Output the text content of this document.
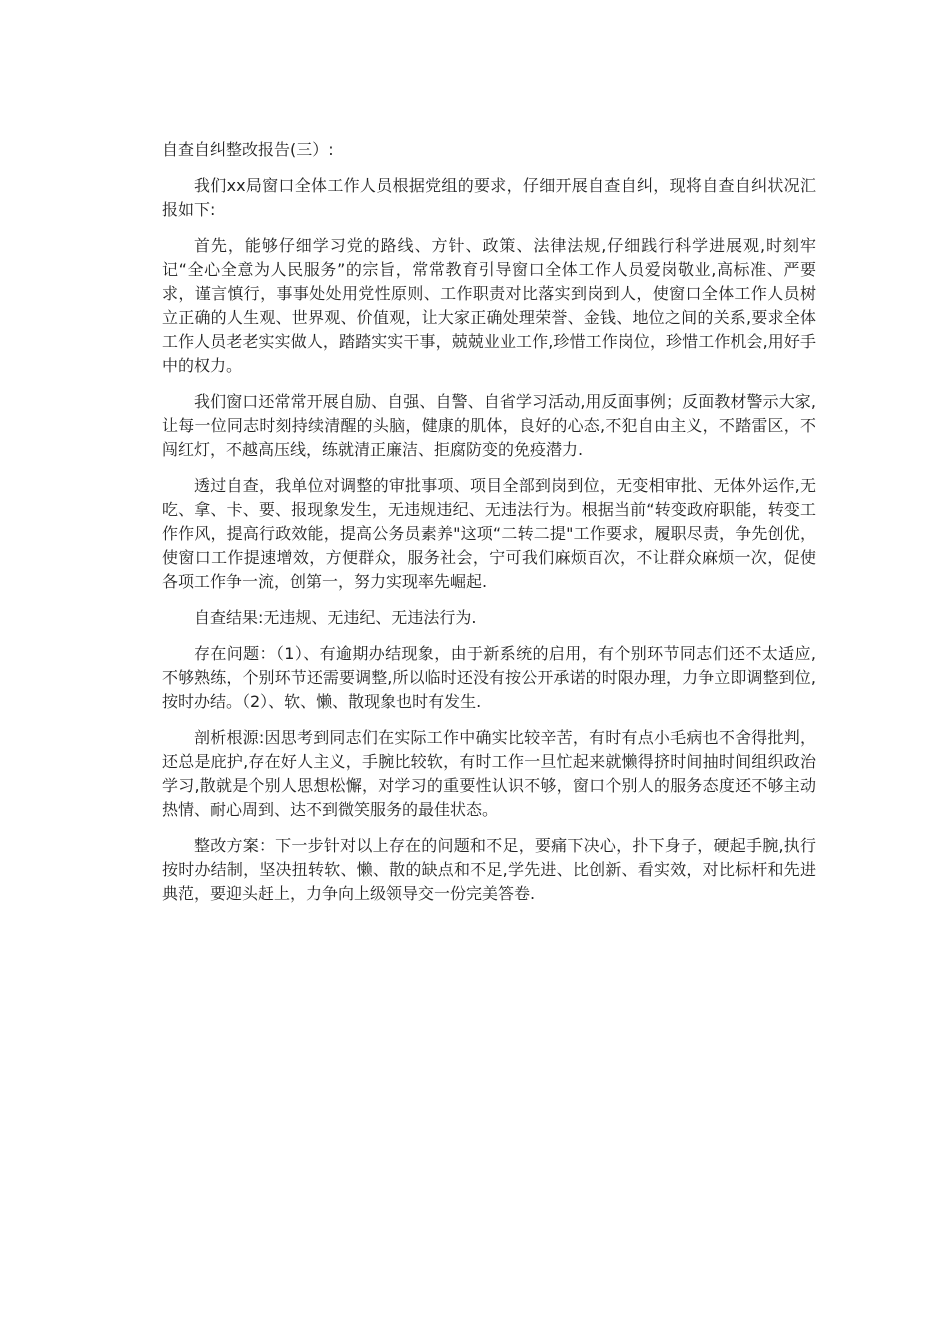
自查自纠整改报告(三）:

我们xx局窗口全体工作人员根据党组的要求，仔细开展自查自纠，现将自查自纠状况汇报如下:

首先，能够仔细学习党的路线、方针、政策、法律法规,仔细践行科学进展观,时刻牢记“全心全意为人民服务”的宗旨，常常教育引导窗口全体工作人员爱岗敬业,高标准、严要求，谨言慎行，事事处处用党性原则、工作职责对比落实到岗到人，使窗口全体工作人员树立正确的人生观、世界观、价值观，让大家正确处理荣誉、金钱、地位之间的关系,要求全体工作人员老老实实做人，踏踏实实干事，兢兢业业工作,珍惜工作岗位，珍惜工作机会,用好手中的权力。

我们窗口还常常开展自励、自强、自警、自省学习活动,用反面事例；反面教材警示大家,让每一位同志时刻持续清醒的头脑，健康的肌体，良好的心态,不犯自由主义，不踏雷区，不闯红灯，不越高压线，练就清正廉洁、拒腐防变的免疫潜力.

透过自查，我单位对调整的审批事项、项目全部到岗到位，无变相审批、无体外运作,无吃、拿、卡、要、报现象发生，无违规违纪、无违法行为。根据当前“转变政府职能，转变工作作风，提高行政效能，提高公务员素养"这项“二转二提"工作要求，履职尽责，争先创优，使窗口工作提速增效，方便群众，服务社会，宁可我们麻烦百次，不让群众麻烦一次，促使各项工作争一流，创第一，努力实现率先崛起.

自查结果:无违规、无违纪、无违法行为.

存在问题：（1）、有逾期办结现象，由于新系统的启用，有个别环节同志们还不太适应,不够熟练，个别环节还需要调整,所以临时还没有按公开承诺的时限办理，力争立即调整到位,按时办结。（2）、软、懒、散现象也时有发生.

剖析根源:因思考到同志们在实际工作中确实比较辛苦，有时有点小毛病也不舍得批判，还总是庇护,存在好人主义，手腕比较软，有时工作一旦忙起来就懒得挤时间抽时间组织政治学习,散就是个别人思想松懈，对学习的重要性认识不够，窗口个别人的服务态度还不够主动热情、耐心周到、达不到微笑服务的最佳状态。

整改方案：下一步针对以上存在的问题和不足，要痛下决心，扑下身子，硬起手腕,执行按时办结制，坚决扭转软、懒、散的缺点和不足,学先进、比创新、看实效，对比标杆和先进典范，要迎头赶上，力争向上级领导交一份完美答卷.
